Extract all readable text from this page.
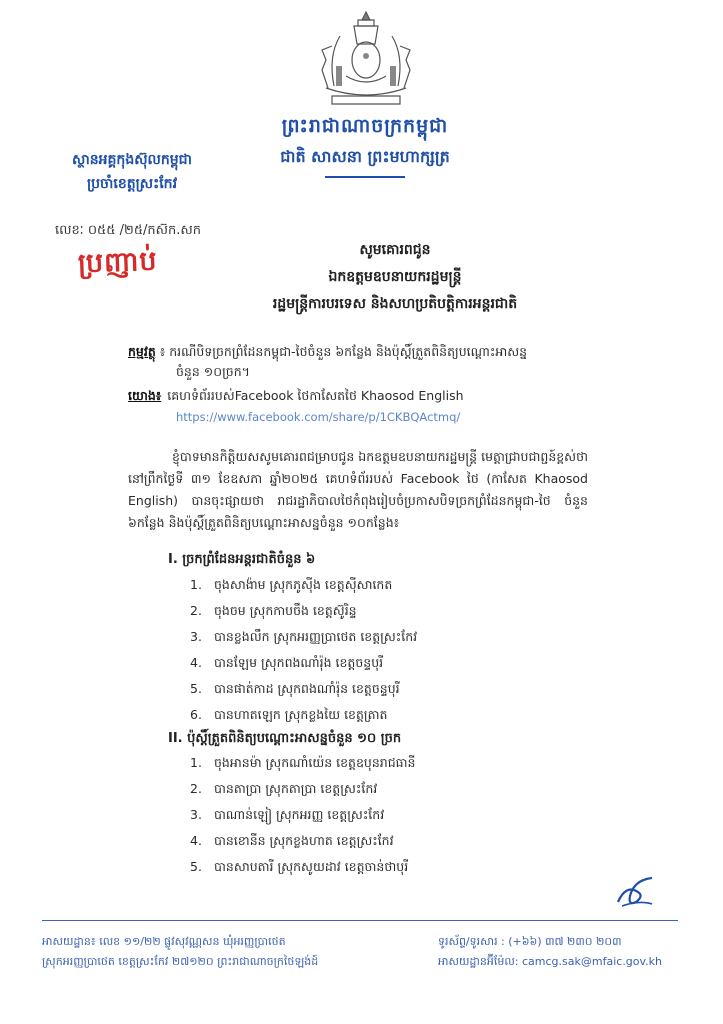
ព្រះរាជាណាចក្រកម្ពុជា
ជាតិ សាសនា ព្រះមហាក្សត្រ
ស្ថានអគ្គកុងស៊ុលកម្ពុជា
ប្រចាំខេត្តស្រះកែវ
លេខៈ ០៥៥ /២៥/កស៊ក.សក
ប្រញាប់	សូមគោរពជូន
ឯកឧត្តមឧបនាយករដ្ឋមន្ត្រី
រដ្ឋមន្ត្រីការបរទេស និងសហប្រតិបត្តិការអន្តរជាតិ
កម្មវត្ថុ ៖ ករណីបិទច្រកព្រំដែនកម្ពុជា-ថៃចំនួន ៦កន្លែង និងប៉ុស្តិ៍ត្រួតពិនិត្យបណ្តោះអាសន្ន
ចំនួន ១០ច្រក។
យោង៖ គេហទំព័ររបស់Facebook ថៃកាសែតថៃ Khaosod English
https://www.facebook.com/share/p/1CKBQActmq/
ខ្ញុំបាទមានកិត្តិយសសូមគោរពជម្រាបជូន ឯកឧត្តមឧបនាយករដ្ឋមន្ត្រី មេត្តាជ្រាបជាព្ជន៍ខ្ពស់ថា នៅព្រឹកថ្ងៃទី ៣១ ខែឧសភា ឆ្នាំ២០២៥ គេហទំព័ររបស់ Facebook ថៃ (កាសែត Khaosod English) បានចុះផ្សាយថា រាជរដ្ឋាភិបាលថៃកំពុងរៀបចំប្រកាសបិទច្រកព្រំដែនកម្ពុជា-ថៃ ចំនួន ៦កន្លែង និងប៉ុស្តិ៍ត្រួតពិនិត្យបណ្តោះអាសន្នចំនួន ១០កន្លែង៖
I. ច្រកព្រំដែនអន្តរជាតិចំនួន ៦
1. ចុងសាង៉ាម ស្រុកភូស៊ីង ខេត្តស៊ីសាកេត
2. ចុងចម ស្រុកកាបចឹង ខេត្តស៊ូរិន្ទ
3. បានខ្លងលឹក ស្រុកអរញ្ញប្រាថេត ខេត្តស្រះកែវ
4. បានឡែម ស្រុកពងណាំរ៉ុង ខេត្តចន្ទបុរី
5. បានផាត់កាដ ស្រុកពងណាំរ៉ុន ខេត្តចន្ទបុរី
6. បានហាតឡេក ស្រុកខ្លងយៃ ខេត្តត្រាត
II. ប៉ុស្តិ៍ត្រួតពិនិត្យបណ្តោះអាសន្នចំនួន ១០ ច្រក
1. ចុងអានម៉ា ស្រុកណាំយ៉េន ខេត្តឧបុនរាជធានី
2. បានតាប្រា ស្រុកតាប្រា ខេត្តស្រះកែវ
3. បាណាន់ឡៀ ស្រុកអរញ្ញ ខេត្តស្រះកែវ
4. បានខោនីន ស្រុកខ្លងហាត ខេត្តស្រះកែវ
5. បានសាបតារី ស្រុកសូយដាវ ខេត្តចាន់ថាបុរី
អាសយដ្ឋាន៖ លេខ ១១/២២ ផ្លូវសុវណ្ណសន ឃុំអរញ្ញប្រាថេត
ស្រុកអរញ្ញប្រាថេត ខេត្តស្រះកែវ ២៧១២០ ព្រះរាជាណាចក្រថៃឡង់ដ៍
ទូរស័ព្ទ/ទូរសារ : (+៦៦) ៣៧ ២៣០ ២០៣
អាសយដ្ឋានអ៊ីម៉ែល: camcg.sak@mfaic.gov.kh
